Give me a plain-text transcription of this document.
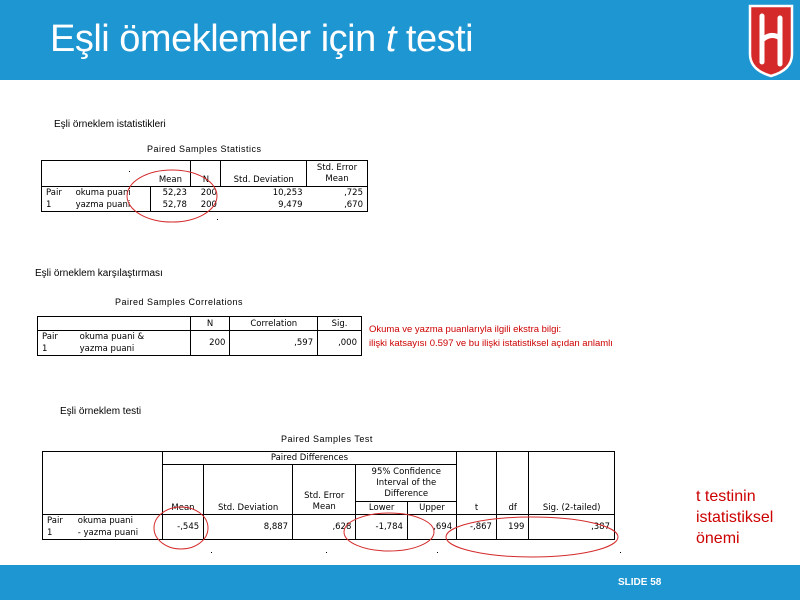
Eşli ömeklemler için t testi
Eşli örneklem istatistikleri
Paired Samples Statistics
		Mean	N	Std. Deviation	Std. Error
Mean
Pair	okuma puani	52,23	200	10,253	,725
1	yazma puani	52,78	200	9,479	,670
Eşli örneklem karşılaştırması
Paired Samples Correlations
		N	Correlation	Sig.
Pair	okuma puani &	200	,597	,000
1	yazma puani			
Okuma ve yazma puanlarıyla ilgili ekstra bilgi:
ilişki katsayısı 0.597 ve bu ilişki istatistiksel açıdan anlamlı
Eşli örneklem testi
Paired Samples Test
		Paired Differences					t	df	Sig. (2-tailed)
		Mean	Std. Deviation	Std. Error
Mean	95% Confidence
Interval of the
Difference				
					Lower	Upper			
Pair	okuma puani	-,545	8,887	,628	-1,784	,694	-,867	199	,387
1	- yazma puani								
t testinin
istatistiksel
önemi
SLIDE 58
